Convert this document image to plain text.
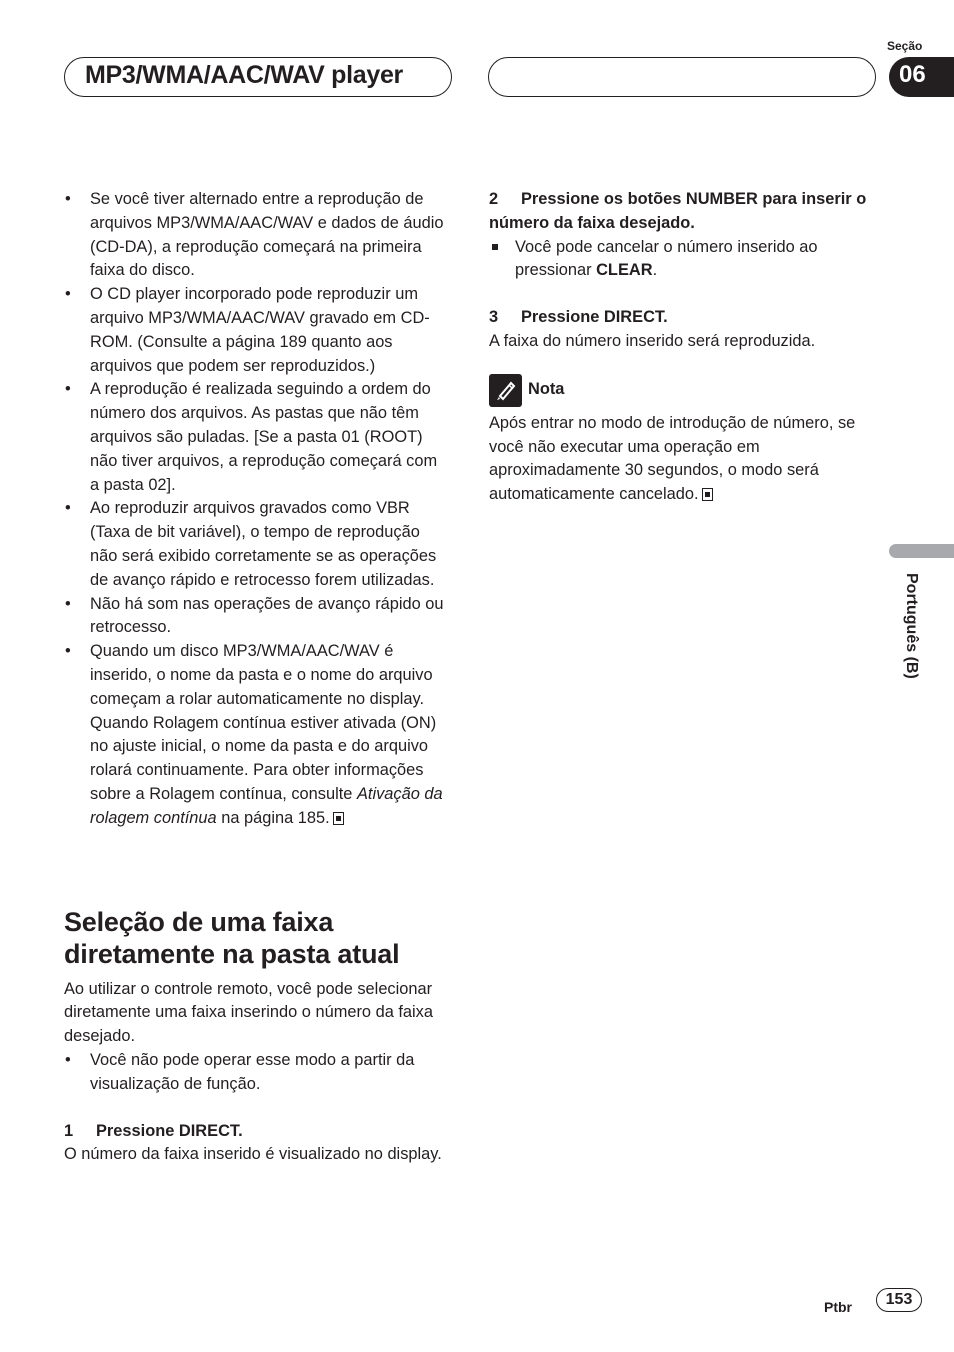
MP3/WMA/AAC/WAV player
Seção
06
Português (B)
• Se você tiver alternado entre a reprodução de arquivos MP3/WMA/AAC/WAV e dados de áudio (CD-DA), a reprodução começará na primeira faixa do disco.
• O CD player incorporado pode reproduzir um arquivo MP3/WMA/AAC/WAV gravado em CD-ROM. (Consulte a página 189 quanto aos arquivos que podem ser reproduzidos.)
• A reprodução é realizada seguindo a ordem do número dos arquivos. As pastas que não têm arquivos são puladas. [Se a pasta 01 (ROOT) não tiver arquivos, a reprodução começará com a pasta 02].
• Ao reproduzir arquivos gravados como VBR (Taxa de bit variável), o tempo de reprodução não será exibido corretamente se as operações de avanço rápido e retrocesso forem utilizadas.
• Não há som nas operações de avanço rápido ou retrocesso.
• Quando um disco MP3/WMA/AAC/WAV é inserido, o nome da pasta e o nome do arquivo começam a rolar automaticamente no display. Quando Rolagem contínua estiver ativada (ON) no ajuste inicial, o nome da pasta e do arquivo rolará continuamente. Para obter informações sobre a Rolagem contínua, consulte Ativação da rolagem contínua na página 185.
Seleção de uma faixa diretamente na pasta atual

Ao utilizar o controle remoto, você pode selecionar diretamente uma faixa inserindo o número da faixa desejado.

• Você não pode operar esse modo a partir da visualização de função.

1 Pressione DIRECT.

O número da faixa inserido é visualizado no display.

2 Pressione os botões NUMBER para inserir o número da faixa desejado.

Você pode cancelar o número inserido ao pressionar CLEAR.

3 Pressione DIRECT.

A faixa do número inserido será reproduzida.

Nota

Após entrar no modo de introdução de número, se você não executar uma operação em aproximadamente 30 segundos, o modo será automaticamente cancelado.

Ptbr	153
